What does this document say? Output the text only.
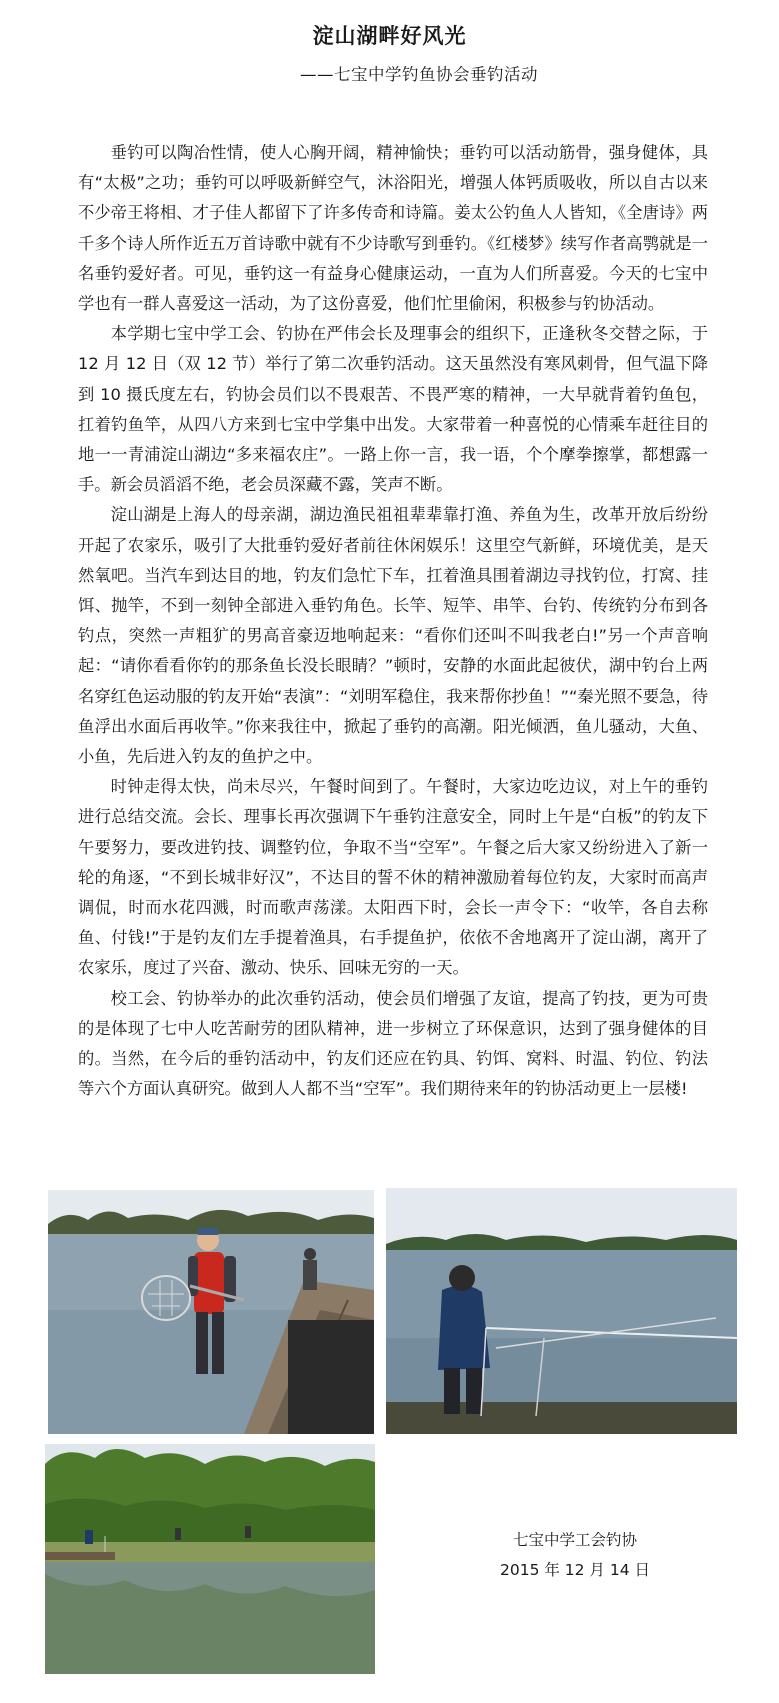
淀山湖畔好风光
——七宝中学钓鱼协会垂钓活动

垂钓可以陶冶性情，使人心胸开阔，精神愉快；垂钓可以活动筋骨，强身健体，具有“太极”之功；垂钓可以呼吸新鲜空气，沐浴阳光，增强人体钙质吸收，所以自古以来不少帝王将相、才子佳人都留下了许多传奇和诗篇。姜太公钓鱼人人皆知，《全唐诗》两千多个诗人所作近五万首诗歌中就有不少诗歌写到垂钓。《红楼梦》续写作者高鹗就是一名垂钓爱好者。可见，垂钓这一有益身心健康运动，一直为人们所喜爱。今天的七宝中学也有一群人喜爱这一活动，为了这份喜爱，他们忙里偷闲，积极参与钓协活动。

本学期七宝中学工会、钓协在严伟会长及理事会的组织下，正逢秋冬交替之际，于 12 月 12 日（双 12 节）举行了第二次垂钓活动。这天虽然没有寒风刺骨，但气温下降到 10 摄氏度左右，钓协会员们以不畏艰苦、不畏严寒的精神，一大早就背着钓鱼包，扛着钓鱼竿，从四八方来到七宝中学集中出发。大家带着一种喜悦的心情乘车赶往目的地一一青浦淀山湖边“多来福农庄”。一路上你一言，我一语，个个摩拳擦掌，都想露一手。新会员滔滔不绝，老会员深藏不露，笑声不断。

淀山湖是上海人的母亲湖，湖边渔民祖祖辈辈靠打渔、养鱼为生，改革开放后纷纷开起了农家乐，吸引了大批垂钓爱好者前往休闲娱乐！这里空气新鲜，环境优美，是天然氧吧。当汽车到达目的地，钓友们急忙下车，扛着渔具围着湖边寻找钓位，打窝、挂饵、抛竿，不到一刻钟全部进入垂钓角色。长竿、短竿、串竿、台钓、传统钓分布到各钓点，突然一声粗犷的男高音豪迈地响起来：“看你们还叫不叫我老白!”另一个声音响起：“请你看看你钓的那条鱼长没长眼睛？”顿时，安静的水面此起彼伏，湖中钓台上两名穿红色运动服的钓友开始“表演”：“刘明军稳住，我来帮你抄鱼！”“秦光照不要急，待鱼浮出水面后再收竿。”你来我往中，掀起了垂钓的高潮。阳光倾洒，鱼儿骚动，大鱼、小鱼，先后进入钓友的鱼护之中。

时钟走得太快，尚未尽兴，午餐时间到了。午餐时，大家边吃边议，对上午的垂钓进行总结交流。会长、理事长再次强调下午垂钓注意安全，同时上午是“白板”的钓友下午要努力，要改进钓技、调整钓位，争取不当“空军”。午餐之后大家又纷纷进入了新一轮的角逐，“不到长城非好汉”，不达目的誓不休的精神激励着每位钓友，大家时而高声调侃，时而水花四溅，时而歌声荡漾。太阳西下时，会长一声令下：“收竿，各自去称鱼、付钱!”于是钓友们左手提着渔具，右手提鱼护，依依不舍地离开了淀山湖，离开了农家乐，度过了兴奋、激动、快乐、回味无穷的一天。

校工会、钓协举办的此次垂钓活动，使会员们增强了友谊，提高了钓技，更为可贵的是体现了七中人吃苦耐劳的团队精神，进一步树立了环保意识，达到了强身健体的目的。当然，在今后的垂钓活动中，钓友们还应在钓具、钓饵、窝料、时温、钓位、钓法等六个方面认真研究。做到人人都不当“空军”。我们期待来年的钓协活动更上一层楼!

七宝中学工会钓协
2015 年 12 月 14 日
